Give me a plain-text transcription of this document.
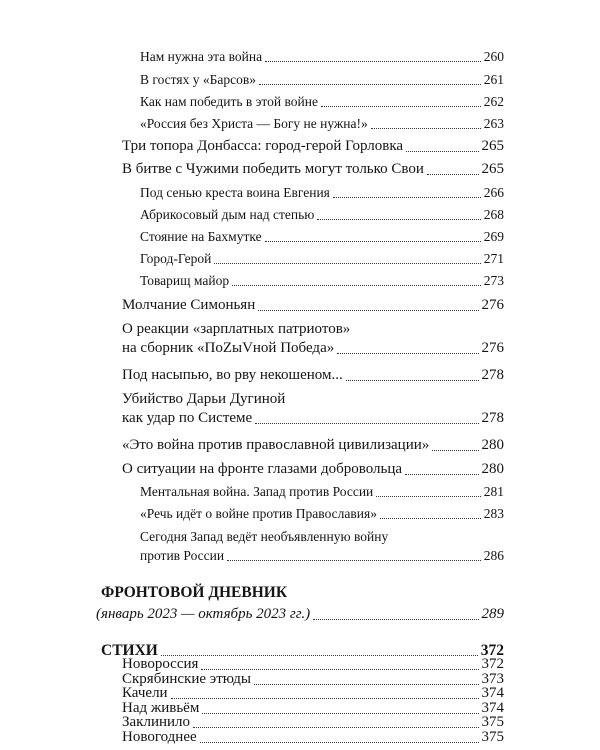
Нам нужна эта война	260
В гостях у «Барсов»	261
Как нам победить в этой войне	262
«Россия без Христа — Богу не нужна!»	263
Три топора Донбасса: город-герой Горловка	265
В битве с Чужими победить могут только Свои	265
Под сенью креста воина Евгения	266
Абрикосовый дым над степью	268
Стояние на Бахмутке	269
Город-Герой	271
Товарищ майор	273
Молчание Симоньян	276
О реакции «зарплатных патриотов»
на сборник «ПоZыVной Победа»	276
Под насыпью, во рву некошеном...	278
Убийство Дарьи Дугиной
как удар по Системе	278
«Это война против православной цивилизации»	280
О ситуации на фронте глазами добровольца	280
Ментальная война. Запад против России	281
«Речь идёт о войне против Православия»	283
Сегодня Запад ведёт необъявленную войну
против России	286
ФРОНТОВОЙ ДНЕВНИК
(январь 2023 — октябрь 2023 гг.)	289
СТИХИ	372
Новороссия	372
Скрябинские этюды	373
Качели	374
Над живьём	374
Заклинило	375
Новогоднее	375
